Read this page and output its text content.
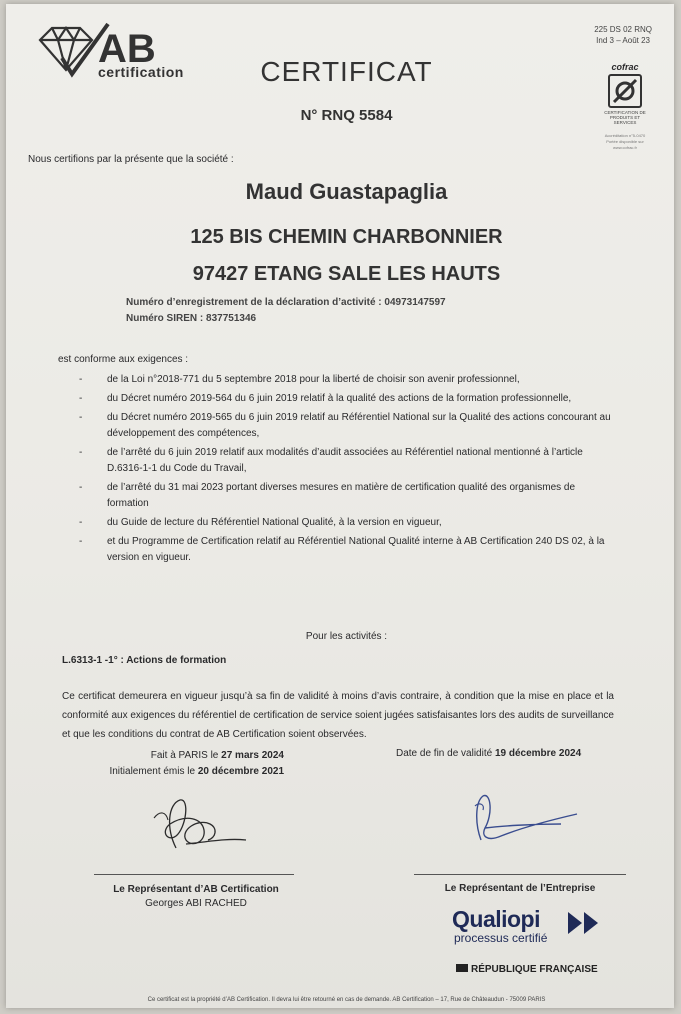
AB
certification
225 DS 02 RNQ
Ind 3 – Août 23
cofrac
CERTIFICATION DE PRODUITS ET SERVICES
Accréditation n°5-0470 Portée disponible sur www.cofrac.fr
CERTIFICAT
N° RNQ 5584
Nous certifions par la présente que la société :
Maud Guastapaglia
125 BIS CHEMIN CHARBONNIER
97427 ETANG SALE LES HAUTS
Numéro d’enregistrement de la déclaration d’activité : 04973147597
Numéro SIREN : 837751346
est conforme aux exigences :
- de la Loi n°2018-771 du 5 septembre 2018 pour la liberté de choisir son avenir professionnel,
- du Décret numéro 2019-564 du 6 juin 2019 relatif à la qualité des actions de la formation professionnelle,
- du Décret numéro 2019-565 du 6 juin 2019 relatif au Référentiel National sur la Qualité des actions concourant au développement des compétences,
- de l’arrêté du 6 juin 2019 relatif aux modalités d’audit associées au Référentiel national mentionné à l’article D.6316-1-1 du Code du Travail,
- de l’arrêté du 31 mai 2023 portant diverses mesures en matière de certification qualité des organismes de formation
- du Guide de lecture du Référentiel National Qualité, à la version en vigueur,
- et du Programme de Certification relatif au Référentiel National Qualité interne à AB Certification 240 DS 02, à la version en vigueur.
Pour les activités :
L.6313-1 -1° : Actions de formation
Ce certificat demeurera en vigueur jusqu’à sa fin de validité à moins d’avis contraire, à condition que la mise en place et la conformité aux exigences du référentiel de certification de service soient jugées satisfaisantes lors des audits de surveillance et que les conditions du contrat de AB Certification soient observées.
Fait à PARIS le 27 mars 2024
Initialement émis le 20 décembre 2021
Date de fin de validité 19 décembre 2024
Le Représentant d’AB Certification
Georges ABI RACHED
Le Représentant de l’Entreprise
Qualiopi
processus certifié
RÉPUBLIQUE FRANÇAISE
Ce certificat est la propriété d’AB Certification. Il devra lui être retourné en cas de demande. AB Certification – 17, Rue de Châteaudun - 75009 PARIS
